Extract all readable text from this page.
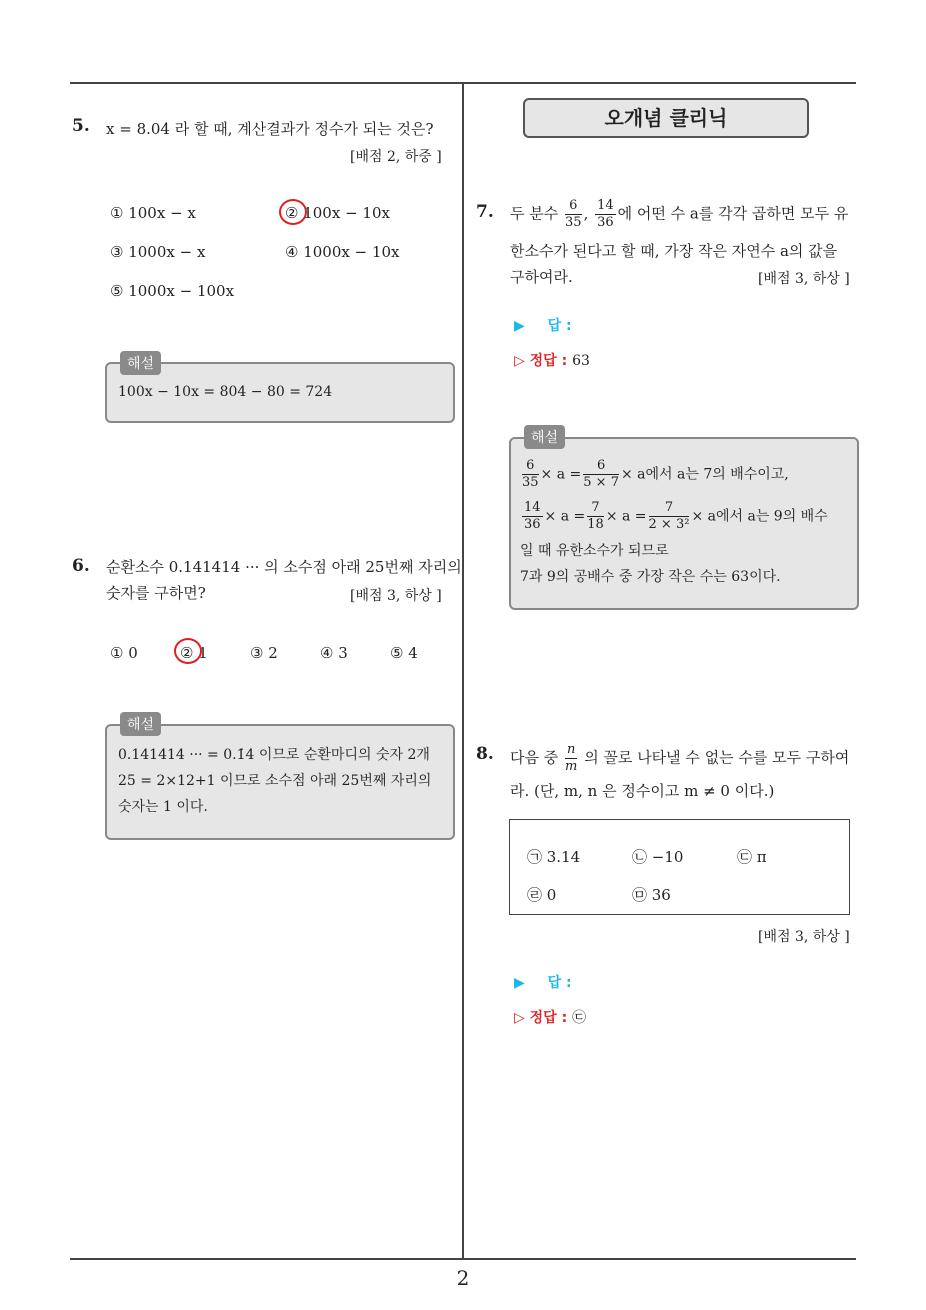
5. x = 8.04̇ 라 할 때, 계산결과가 정수가 되는 것은?
[배점 2, 하중 ]
① 100x − x	② 100x − 10x
③ 1000x − x	④ 1000x − 10x
⑤ 1000x − 100x
해설
100x − 10x = 804 − 80 = 724
6. 순환소수 0.141414 ··· 의 소수점 아래 25번째 자리의
숫자를 구하면?	[배점 3, 하상 ]
① 0	② 1	③ 2	④ 3	⑤ 4
해설
0.141414 ··· = 0.1̇4̇ 이므로 순환마디의 숫자 2개
25 = 2×12+1 이므로 소수점 아래 25번째 자리의
숫자는 1 이다.
오개념 클리닉
7. 두 분수 $\frac{6}{35}$ , $\frac{14}{36}$ 에 어떤 수 a를 각각 곱하면 모두 유
한소수가 된다고 할 때, 가장 작은 자연수 a의 값을
구하여라.	[배점 3, 하상 ]
▶ 답 :
▷ 정답 : 63
해설
$\frac{6}{35} \times a = \frac{6}{5 \times 7} \times a$에서 a는 7의 배수이고,
$\frac{14}{36} \times a = \frac{7}{18} \times a = \frac{7}{\text{2 × 3²}} \times a$에서 a는 9의 배수
일 때 유한소수가 되므로
7과 9의 공배수 중 가장 작은 수는 63이다.
8. 다음 중 $\frac{n}{m}$ 의 꼴로 나타낼 수 없는 수를 모두 구하여
라. (단, m, n 은 정수이고 m ≠ 0 이다.)
㉠ 3.14	㉡ −10	㉢ π
㉣ 0	㉤ 36
[배점 3, 하상 ]
▶ 답 :
▷ 정답 : ㉢
2
